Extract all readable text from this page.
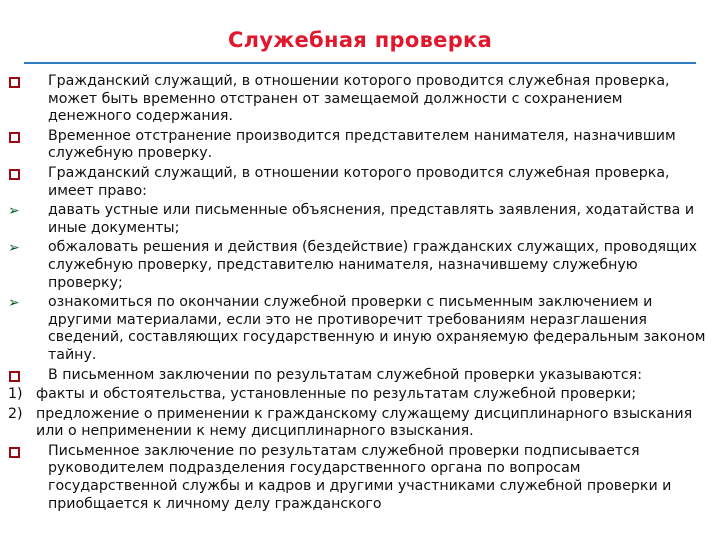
Служебная проверка
Гражданский служащий, в отношении которого проводится служебная проверка, может быть временно отстранен от замещаемой должности с сохранением денежного содержания.
Временное отстранение производится представителем нанимателя, назначившим служебную проверку.
Гражданский служащий, в отношении которого проводится служебная проверка, имеет право:
➢ давать устные или письменные объяснения, представлять заявления, ходатайства и иные документы;
➢ обжаловать решения и действия (бездействие) гражданских служащих, проводящих служебную проверку, представителю нанимателя, назначившему служебную проверку;
➢ ознакомиться по окончании служебной проверки с письменным заключением и другими материалами, если это не противоречит требованиям неразглашения сведений, составляющих государственную и иную охраняемую федеральным законом тайну.
В письменном заключении по результатам служебной проверки указываются:
1) факты и обстоятельства, установленные по результатам служебной проверки;
2) предложение о применении к гражданскому служащему дисциплинарного взыскания или о неприменении к нему дисциплинарного взыскания.
Письменное заключение по результатам служебной проверки подписывается руководителем подразделения государственного органа по вопросам государственной службы и кадров и другими участниками служебной проверки и приобщается к личному делу гражданского
